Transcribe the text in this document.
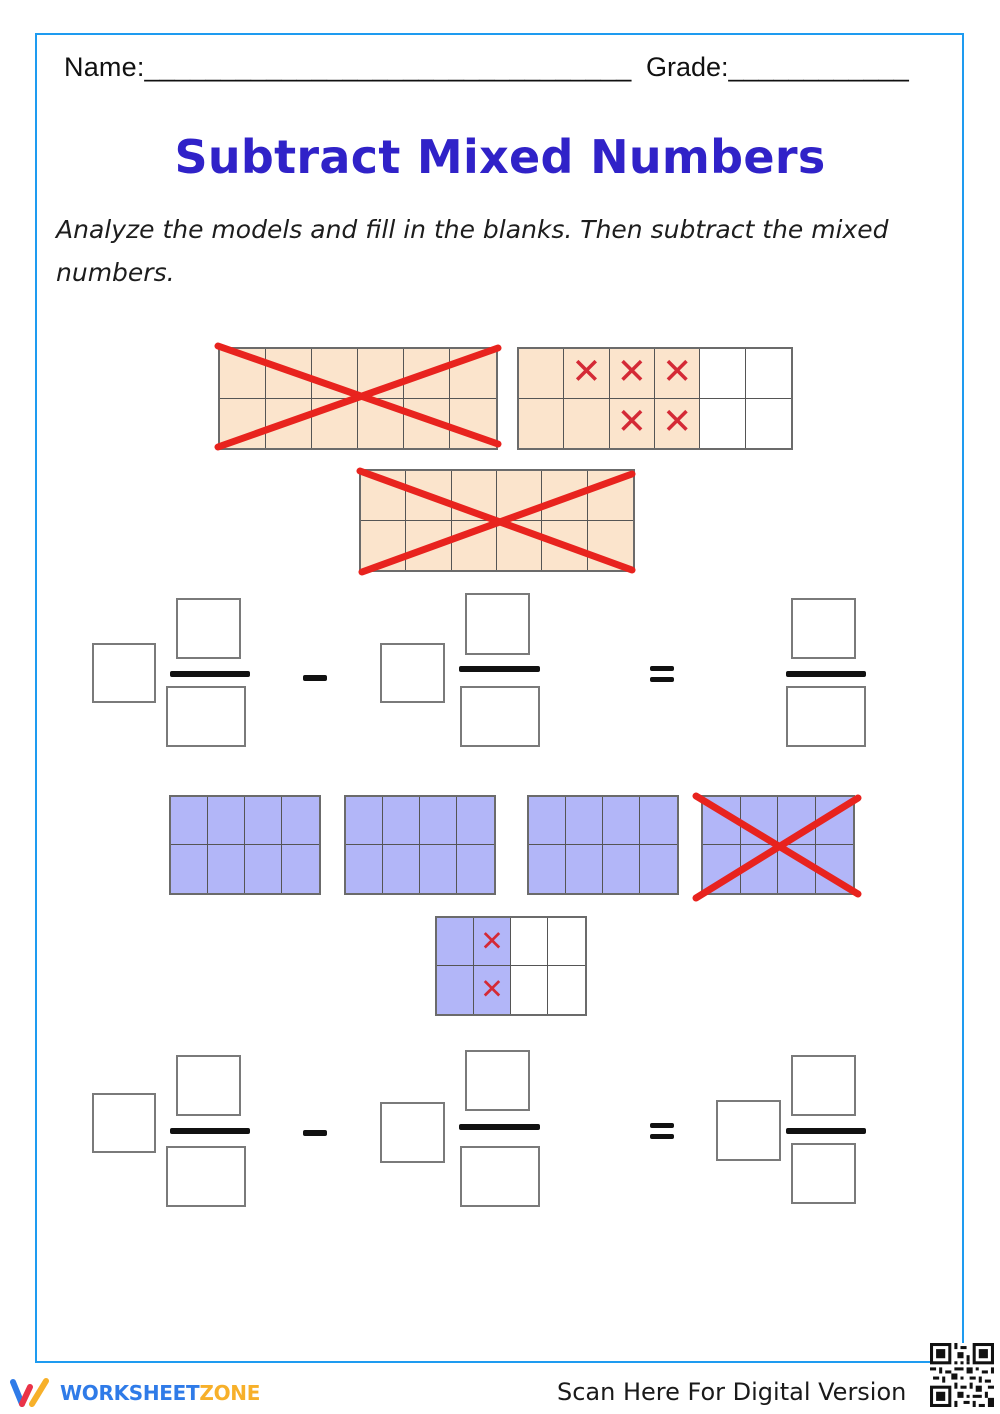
Name:________________________________ Grade:____________
Subtract Mixed Numbers
Analyze the models and fill in the blanks. Then subtract the mixed numbers.
✕ ✕ ✕
✕ ✕
✕
✕
WORKSHEETZONE	Scan Here For Digital Version
